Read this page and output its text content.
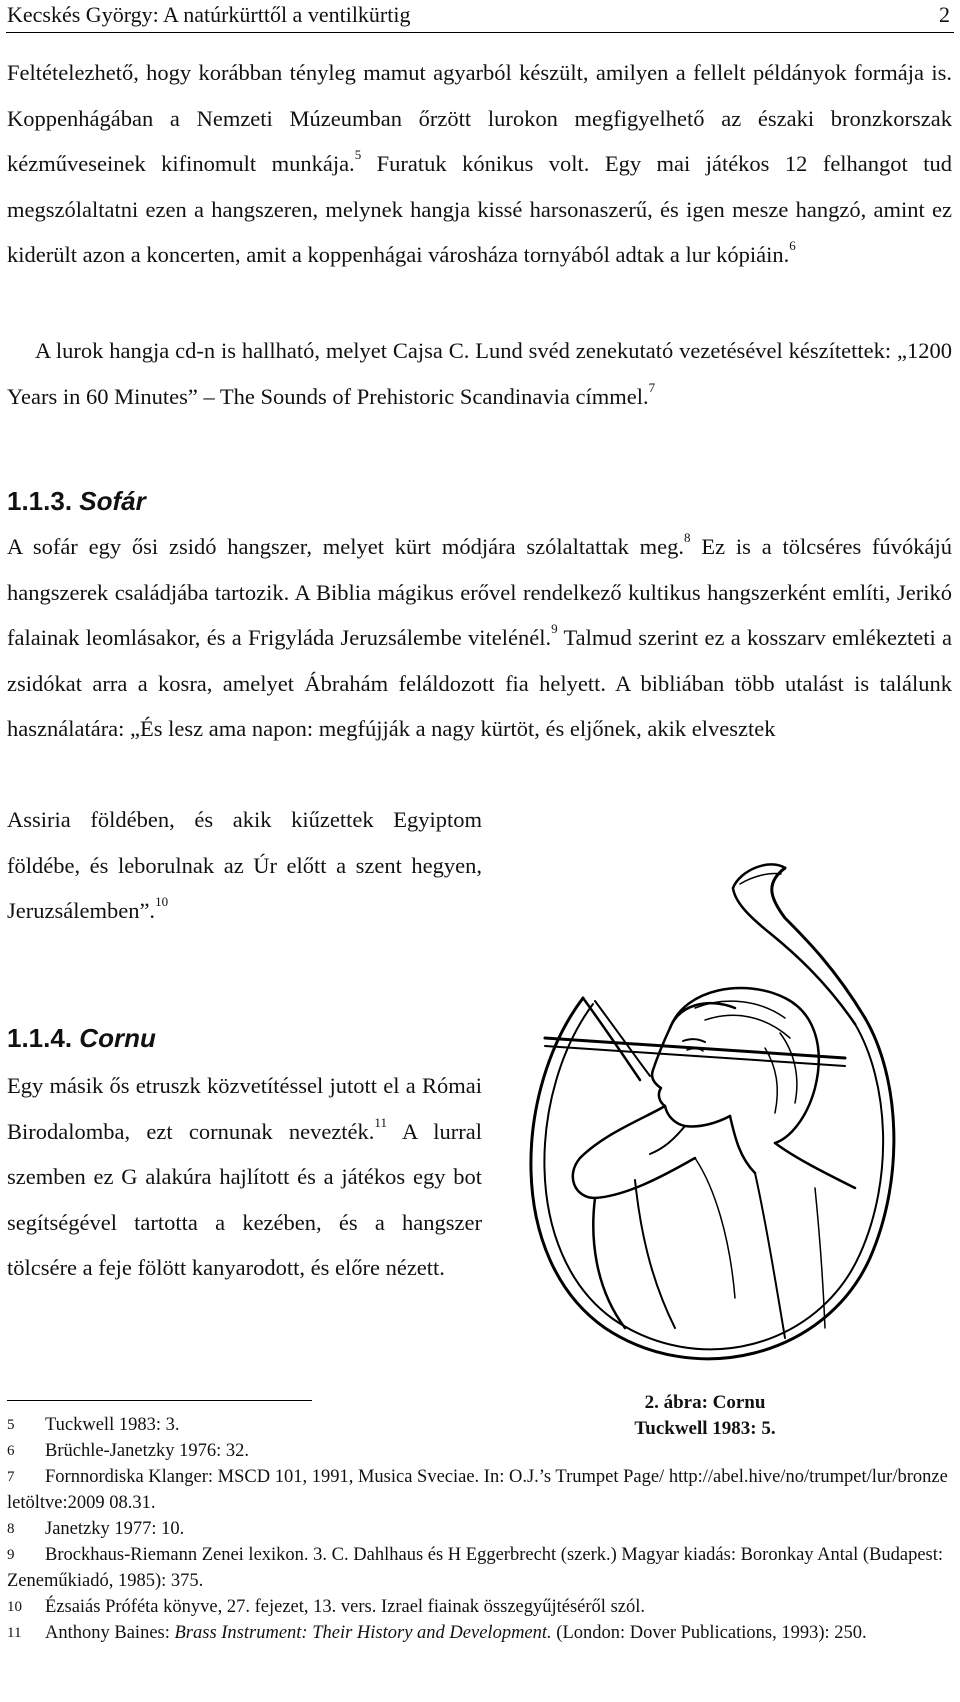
Kecskés György: A natúrkürttől a ventilkürtig	2
Feltételezhető, hogy korábban tényleg mamut agyarból készült, amilyen a fellelt példányok formája is. Koppenhágában a Nemzeti Múzeumban őrzött lurokon megfigyelhető az északi bronzkorszak kézműveseinek kifinomult munkája.$^5$ Furatuk kónikus volt. Egy mai játékos 12 felhangot tud megszólaltatni ezen a hangszeren, melynek hangja kissé harsonaszerű, és igen mesze hangzó, amint ez kiderült azon a koncerten, amit a koppenhágai városháza tornyából adtak a lur kópiáin.$^6$
A lurok hangja cd-n is hallható, melyet Cajsa C. Lund svéd zenekutató vezetésével készítettek: „1200 Years in 60 Minutes” – The Sounds of Prehistoric Scandinavia címmel.$^7$
1.1.3. Sofár
A sofár egy ősi zsidó hangszer, melyet kürt módjára szólaltattak meg.$^8$ Ez is a tölcséres fúvókájú hangszerek családjába tartozik. A Biblia mágikus erővel rendelkező kultikus hangszerként említi, Jerikó falainak leomlásakor, és a Frigyláda Jeruzsálembe vitelénél.$^9$ Talmud szerint ez a kosszarv emlékezteti a zsidókat arra a kosra, amelyet Ábrahám feláldozott fia helyett. A bibliában több utalást is találunk használatára: „És lesz ama napon: megfújják a nagy kürtöt, és eljőnek, akik elvesztek
Assiria földében, és akik kiűzettek Egyiptom földébe, és leborulnak az Úr előtt a szent hegyen, Jeruzsálemben”.$^{10}$
1.1.4. Cornu
Egy másik ős etruszk közvetítéssel jutott el a Római Birodalomba, ezt cornunak nevezték.$^{11}$ A lurral szemben ez G alakúra hajlított és a játékos egy bot segítségével tartotta a kezében, és a hangszer tölcsére a feje fölött kanyarodott, és előre nézett.
2. ábra: Cornu
Tuckwell 1983: 5.
5 Tuckwell 1983: 3.
6 Brüchle-Janetzky 1976: 32.
7 Fornnordiska Klanger: MSCD 101, 1991, Musica Sveciae. In: O.J.’s Trumpet Page/ http://abel.hive/no/trumpet/lur/bronze letöltve:2009 08.31.
8 Janetzky 1977: 10.
9 Brockhaus-Riemann Zenei lexikon. 3. C. Dahlhaus és H Eggerbrecht (szerk.) Magyar kiadás: Boronkay Antal (Budapest: Zeneműkiadó, 1985): 375.
10 Ézsaiás Próféta könyve, 27. fejezet, 13. vers. Izrael fiainak összegyűjtéséről szól.
11 Anthony Baines: Brass Instrument: Their History and Development. (London: Dover Publications, 1993): 250.
